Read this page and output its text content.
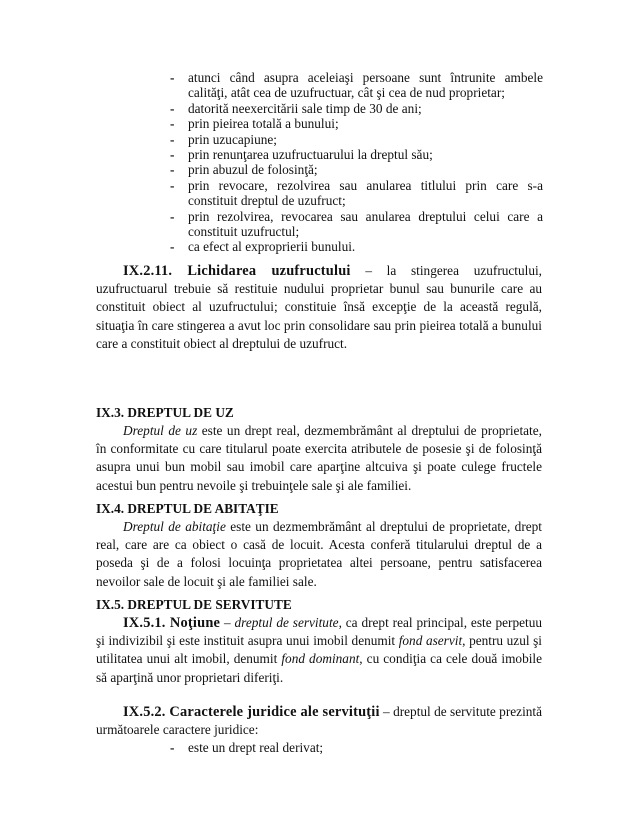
- atunci când asupra aceleiaşi persoane sunt întrunite ambele calităţi, atât cea de uzufructuar, cât şi cea de nud proprietar;
- datorită neexercitării sale timp de 30 de ani;
- prin pieirea totală a bunului;
- prin uzucapiune;
- prin renunţarea uzufructuarului la dreptul său;
- prin abuzul de folosinţă;
- prin revocare, rezolvirea sau anularea titlului prin care s-a constituit dreptul de uzufruct;
- prin rezolvirea, revocarea sau anularea dreptului celui care a constituit uzufructul;
- ca efect al exproprierii bunului.
IX.2.11. Lichidarea uzufructului – la stingerea uzufructului, uzufructuarul trebuie să restituie nudului proprietar bunul sau bunurile care au constituit obiect al uzufructului; constituie însă excepţie de la această regulă, situaţia în care stingerea a avut loc prin consolidare sau prin pieirea totală a bunului care a constituit obiect al dreptului de uzufruct.
IX.3. DREPTUL DE UZ
Dreptul de uz este un drept real, dezmembrământ al dreptului de proprietate, în conformitate cu care titularul poate exercita atributele de posesie şi de folosinţă asupra unui bun mobil sau imobil care aparţine altcuiva şi poate culege fructele acestui bun pentru nevoile şi trebuinţele sale şi ale familiei.
IX.4. DREPTUL DE ABITAŢIE
Dreptul de abitaţie este un dezmembrământ al dreptului de proprietate, drept real, care are ca obiect o casă de locuit. Acesta conferă titularului dreptul de a poseda şi de a folosi locuinţa proprietatea altei persoane, pentru satisfacerea nevoilor sale de locuit şi ale familiei sale.
IX.5. DREPTUL DE SERVITUTE
IX.5.1. Noţiune – dreptul de servitute, ca drept real principal, este perpetuu şi indivizibil şi este instituit asupra unui imobil denumit fond aservit, pentru uzul şi utilitatea unui alt imobil, denumit fond dominant, cu condiţia ca cele două imobile să aparţină unor proprietari diferiţi.
IX.5.2. Caracterele juridice ale servituţii – dreptul de servitute prezintă următoarele caractere juridice:
- este un drept real derivat;
